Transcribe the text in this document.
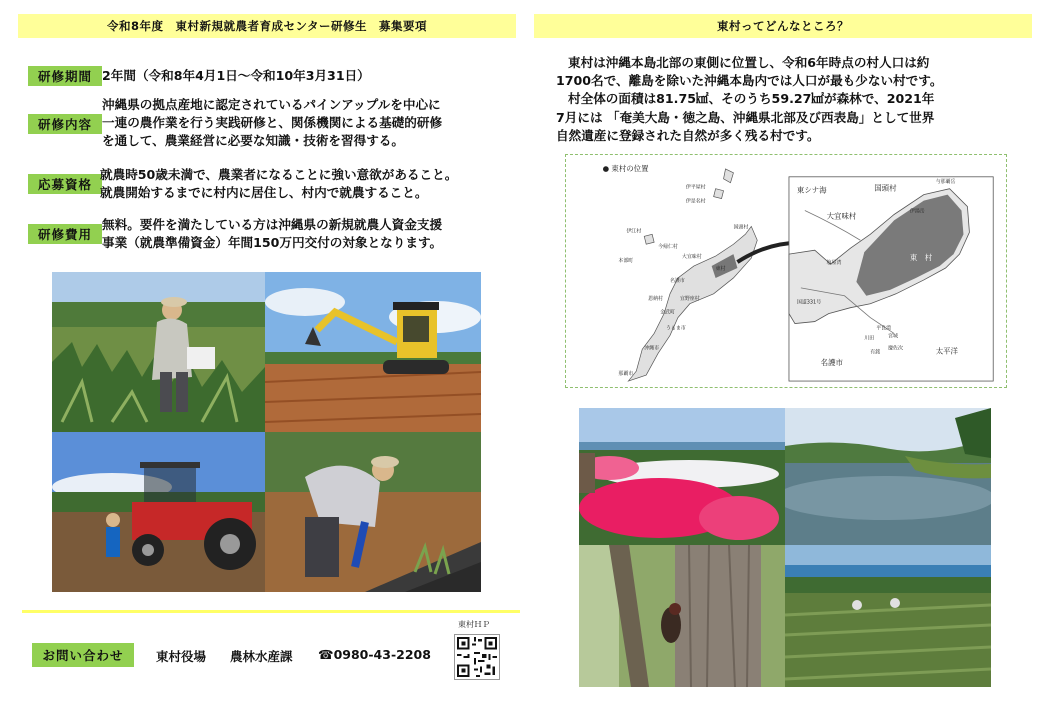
令和8年度　東村新規就農者育成センター研修生　募集要項
研修期間 2年間（令和8年4月1日～令和10年3月31日）
研修内容
沖縄県の拠点産地に認定されているパインアップルを中心に
一連の農作業を行う実践研修と、関係機関による基礎的研修
を通して、農業経営に必要な知識・技術を習得する。
応募資格
就農時50歳未満で、農業者になることに強い意欲があること。
就農開始するまでに村内に居住し、村内で就農すること。
研修費用
無料。要件を満たしている方は沖縄県の新規就農人資金支援
事業（就農準備資金）年間150万円交付の対象となります。
お問い合わせ	東村役場 農林水産課 ☎0980-43-2208
東村ＨＰ
東村ってどんなところ？

東村は沖縄本島北部の東側に位置し、令和6年時点の村人口は約

1700名で、離島を除いた沖縄本島内では人口が最も少ない村です。

村全体の面積は81.75㎢、そのうち59.27㎢が森林で、2021年

7月には 「奄美大島・徳之島、沖縄県北部及び西表島」として世界

自然遺産に登録された自然が多く残る村です。

● 東村の位置
伊平屋村
伊是名村
伊江村
本部町
今帰仁村
大宜味村
国頭村
東村
名護市
恩納村	宜野座村
金武町
うるま市
沖縄市
那覇市
東シナ海	国頭村
大宜味村
東　村
名護市
太平洋
与那覇岳
伊湯岳
川田	宮城
有銘
慶佐次
平良湾
塩屋湾
国道331号
